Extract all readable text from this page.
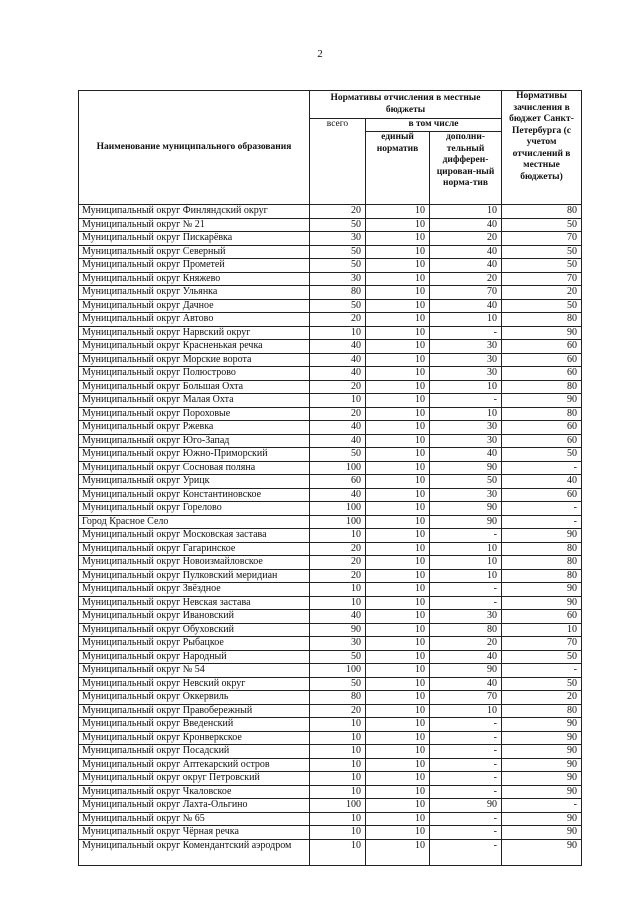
2
Наименование муниципального образования	Нормативы отчисления в местные бюджеты			Нормативы зачисления в бюджет Санкт-Петербурга (с учетом отчислений в местные бюджеты)
	всего	в том числе		
		единый норматив	дополни-тельный дифферен-цирован-ный норма-тив	
Муниципальный округ Финляндский округ	20	10	10	80
Муниципальный округ № 21	50	10	40	50
Муниципальный округ Пискарёвка	30	10	20	70
Муниципальный округ Северный	50	10	40	50
Муниципальный округ Прометей	50	10	40	50
Муниципальный округ Княжево	30	10	20	70
Муниципальный округ Ульянка	80	10	70	20
Муниципальный округ Дачное	50	10	40	50
Муниципальный округ Автово	20	10	10	80
Муниципальный округ Нарвский округ	10	10	-	90
Муниципальный округ Красненькая речка	40	10	30	60
Муниципальный округ Морские ворота	40	10	30	60
Муниципальный округ Полюстрово	40	10	30	60
Муниципальный округ Большая Охта	20	10	10	80
Муниципальный округ Малая Охта	10	10	-	90
Муниципальный округ Пороховые	20	10	10	80
Муниципальный округ Ржевка	40	10	30	60
Муниципальный округ Юго-Запад	40	10	30	60
Муниципальный округ Южно-Приморский	50	10	40	50
Муниципальный округ Сосновая поляна	100	10	90	-
Муниципальный округ Урицк	60	10	50	40
Муниципальный округ Константиновское	40	10	30	60
Муниципальный округ Горелово	100	10	90	-
Город Красное Село	100	10	90	-
Муниципальный округ Московская застава	10	10	-	90
Муниципальный округ Гагаринское	20	10	10	80
Муниципальный округ Новоизмайловское	20	10	10	80
Муниципальный округ Пулковский меридиан	20	10	10	80
Муниципальный округ Звёздное	10	10	-	90
Муниципальный округ Невская застава	10	10	-	90
Муниципальный округ Ивановский	40	10	30	60
Муниципальный округ Обуховский	90	10	80	10
Муниципальный округ Рыбацкое	30	10	20	70
Муниципальный округ Народный	50	10	40	50
Муниципальный округ № 54	100	10	90	-
Муниципальный округ Невский округ	50	10	40	50
Муниципальный округ Оккервиль	80	10	70	20
Муниципальный округ Правобережный	20	10	10	80
Муниципальный округ Введенский	10	10	-	90
Муниципальный округ Кронверкское	10	10	-	90
Муниципальный округ Посадский	10	10	-	90
Муниципальный округ Аптекарский остров	10	10	-	90
Муниципальный округ округ Петровский	10	10	-	90
Муниципальный округ Чкаловское	10	10	-	90
Муниципальный округ Лахта-Ольгино	100	10	90	-
Муниципальный округ № 65	10	10	-	90
Муниципальный округ Чёрная речка	10	10	-	90
Муниципальный округ Комендантский аэродром	10	10	-	90
